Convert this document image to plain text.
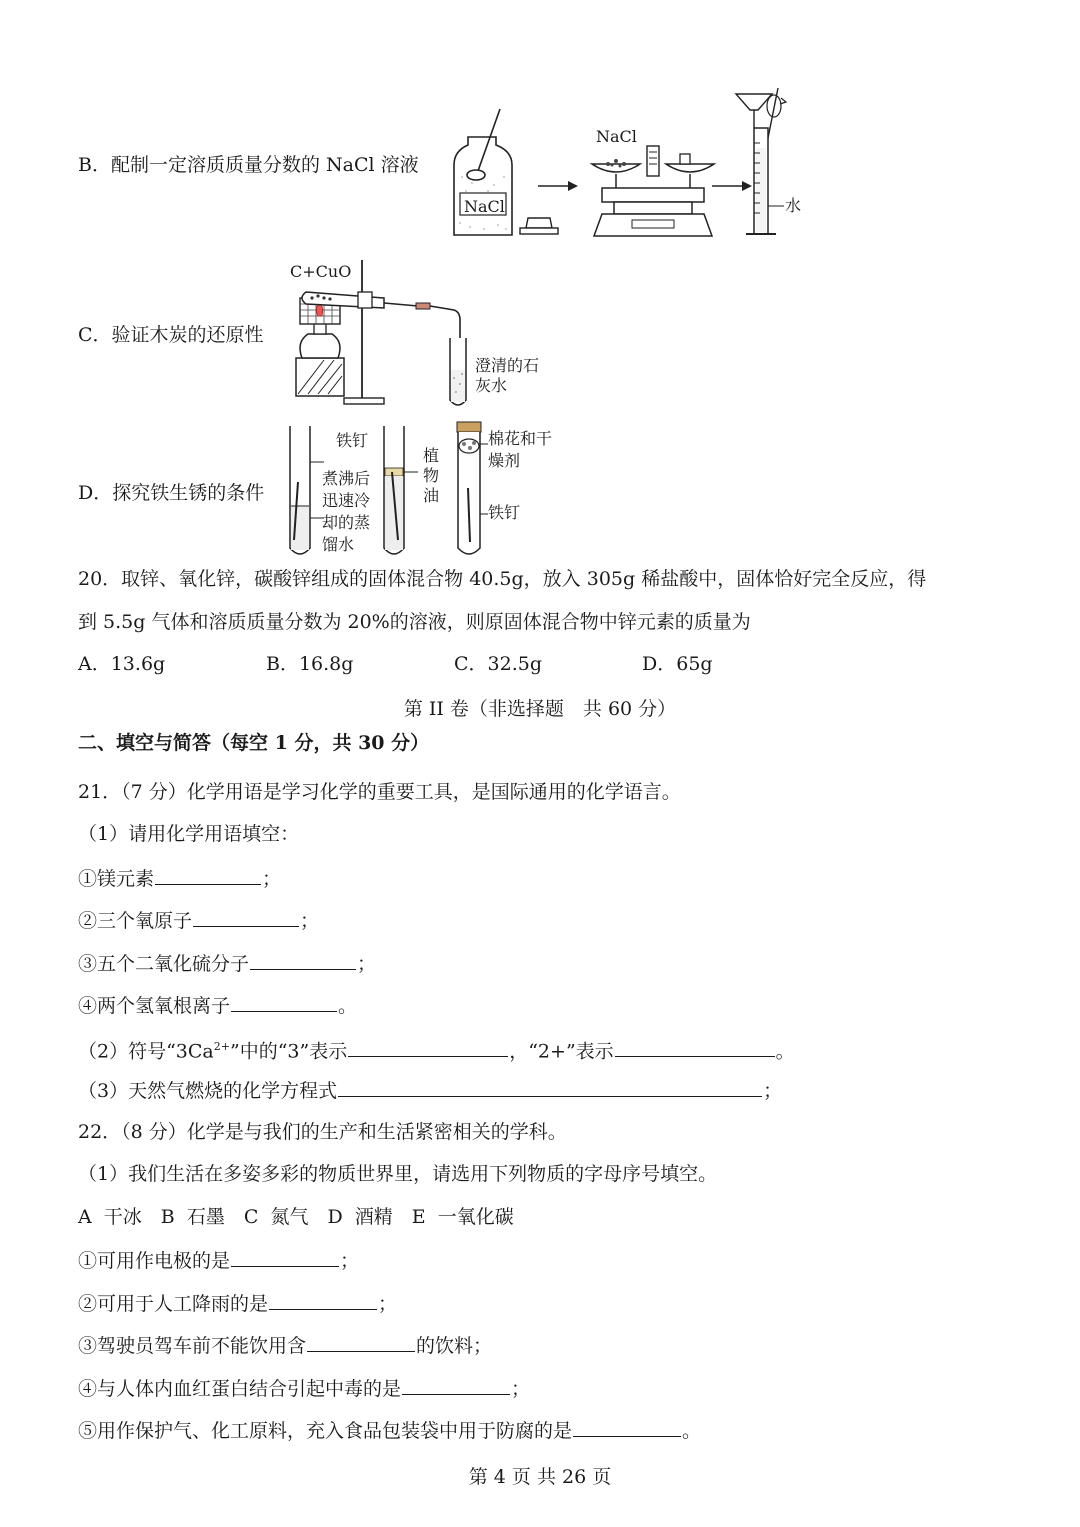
B．配制一定溶质质量分数的 NaCl 溶液
NaCl
NaCl
水
C．验证木炭的还原性
C+CuO
澄清的石灰水
D．探究铁生锈的条件
铁钉
煮沸后迅速冷却的蒸馏水
植物油
棉花和干燥剂
铁钉
20．取锌、氧化锌，碳酸锌组成的固体混合物 40.5g，放入 305g 稀盐酸中，固体恰好完全反应，得
到 5.5g 气体和溶质质量分数为 20%的溶液，则原固体混合物中锌元素的质量为
A．13.6g	B．16.8g	C．32.5g	D．65g
第 II 卷（非选择题　共 60 分）
二、填空与简答（每空 1 分，共 30 分）
21．（7 分）化学用语是学习化学的重要工具，是国际通用的化学语言。
（1）请用化学用语填空：
①镁元素	；
②三个氧原子	；
③五个二氧化硫分子	；
④两个氢氧根离子	。
（2）符号“$3Ca^{2+}$”中的“3”表示	，“2+”表示	。
（3）天然气燃烧的化学方程式	；
22．（8 分）化学是与我们的生产和生活紧密相关的学科。
（1）我们生活在多姿多彩的物质世界里，请选用下列物质的字母序号填空。
A  干冰　B  石墨　C  氮气　D  酒精　E  一氧化碳
①可用作电极的是	；
②可用于人工降雨的是	；
③驾驶员驾车前不能饮用含	的饮料；
④与人体内血红蛋白结合引起中毒的是	；
⑤用作保护气、化工原料，充入食品包装袋中用于防腐的是	。
第 4 页 共 26 页
